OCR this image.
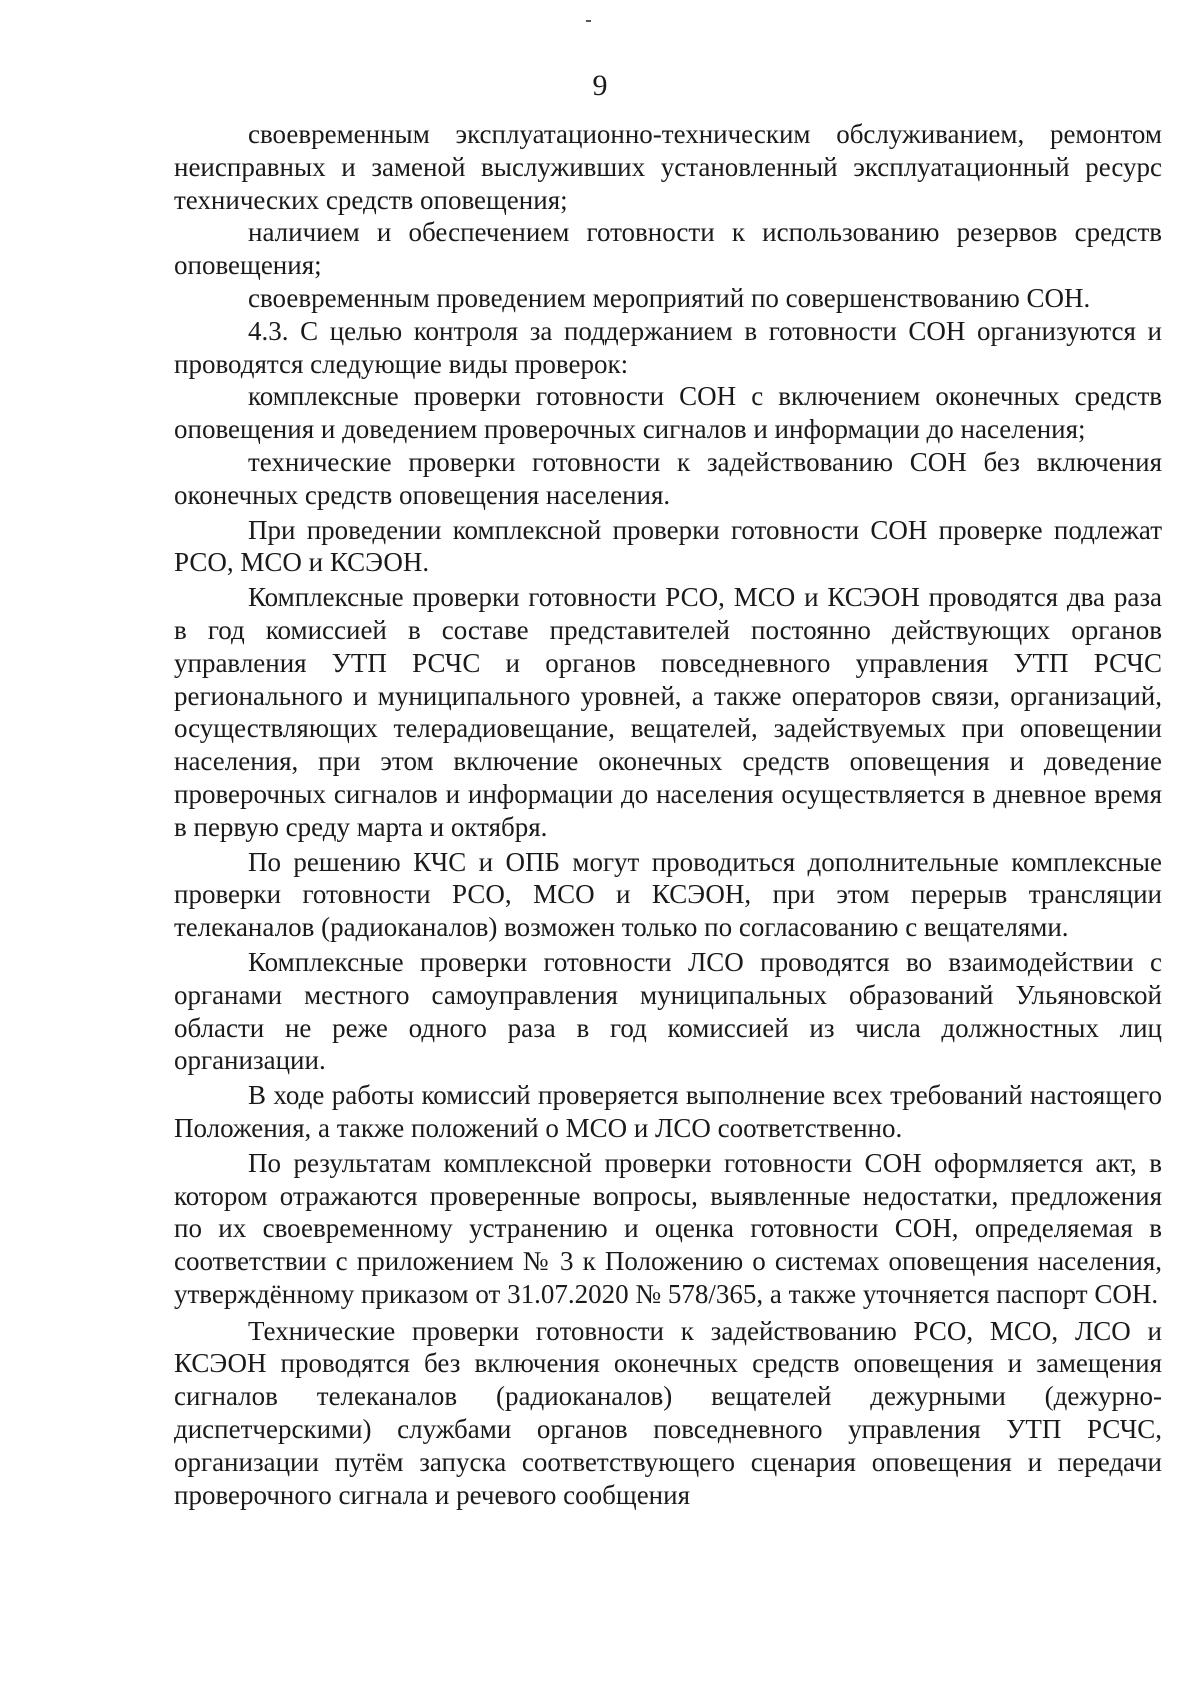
9

своевременным эксплуатационно-техническим обслуживанием, ремонтом неисправных и заменой выслуживших установленный эксплуатационный ресурс технических средств оповещения;

наличием и обеспечением готовности к использованию резервов средств оповещения;

своевременным проведением мероприятий по совершенствованию СОН.

4.3. С целью контроля за поддержанием в готовности СОН организуются и проводятся следующие виды проверок:

комплексные проверки готовности СОН с включением оконечных средств оповещения и доведением проверочных сигналов и информации до населения;

технические проверки готовности к задействованию СОН без включения оконечных средств оповещения населения.

При проведении комплексной проверки готовности СОН проверке подлежат РСО, МСО и КСЭОН.

Комплексные проверки готовности РСО, МСО и КСЭОН проводятся два раза в год комиссией в составе представителей постоянно действующих органов управления УТП РСЧС и органов повседневного управления УТП РСЧС регионального и муниципального уровней, а также операторов связи, организаций, осуществляющих телерадиовещание, вещателей, задействуемых при оповещении населения, при этом включение оконечных средств оповещения и доведение проверочных сигналов и информации до населения осуществляется в дневное время в первую среду марта и октября.

По решению КЧС и ОПБ могут проводиться дополнительные комплексные проверки готовности РСО, МСО и КСЭОН, при этом перерыв трансляции телеканалов (радиоканалов) возможен только по согласованию с вещателями.

Комплексные проверки готовности ЛСО проводятся во взаимодействии с органами местного самоуправления муниципальных образований Ульяновской области не реже одного раза в год комиссией из числа должностных лиц организации.

В ходе работы комиссий проверяется выполнение всех требований настоящего Положения, а также положений о МСО и ЛСО соответственно.

По результатам комплексной проверки готовности СОН оформляется акт, в котором отражаются проверенные вопросы, выявленные недостатки, предложения по их своевременному устранению и оценка готовности СОН, определяемая в соответствии с приложением № 3 к Положению о системах оповещения населения, утверждённому приказом от 31.07.2020 № 578/365, а также уточняется паспорт СОН.

Технические проверки готовности к задействованию РСО, МСО, ЛСО и КСЭОН проводятся без включения оконечных средств оповещения и замещения сигналов телеканалов (радиоканалов) вещателей дежурными (дежурно-диспетчерскими) службами органов повседневного управления УТП РСЧС, организации путём запуска соответствующего сценария оповещения и передачи проверочного сигнала и речевого сообщения
